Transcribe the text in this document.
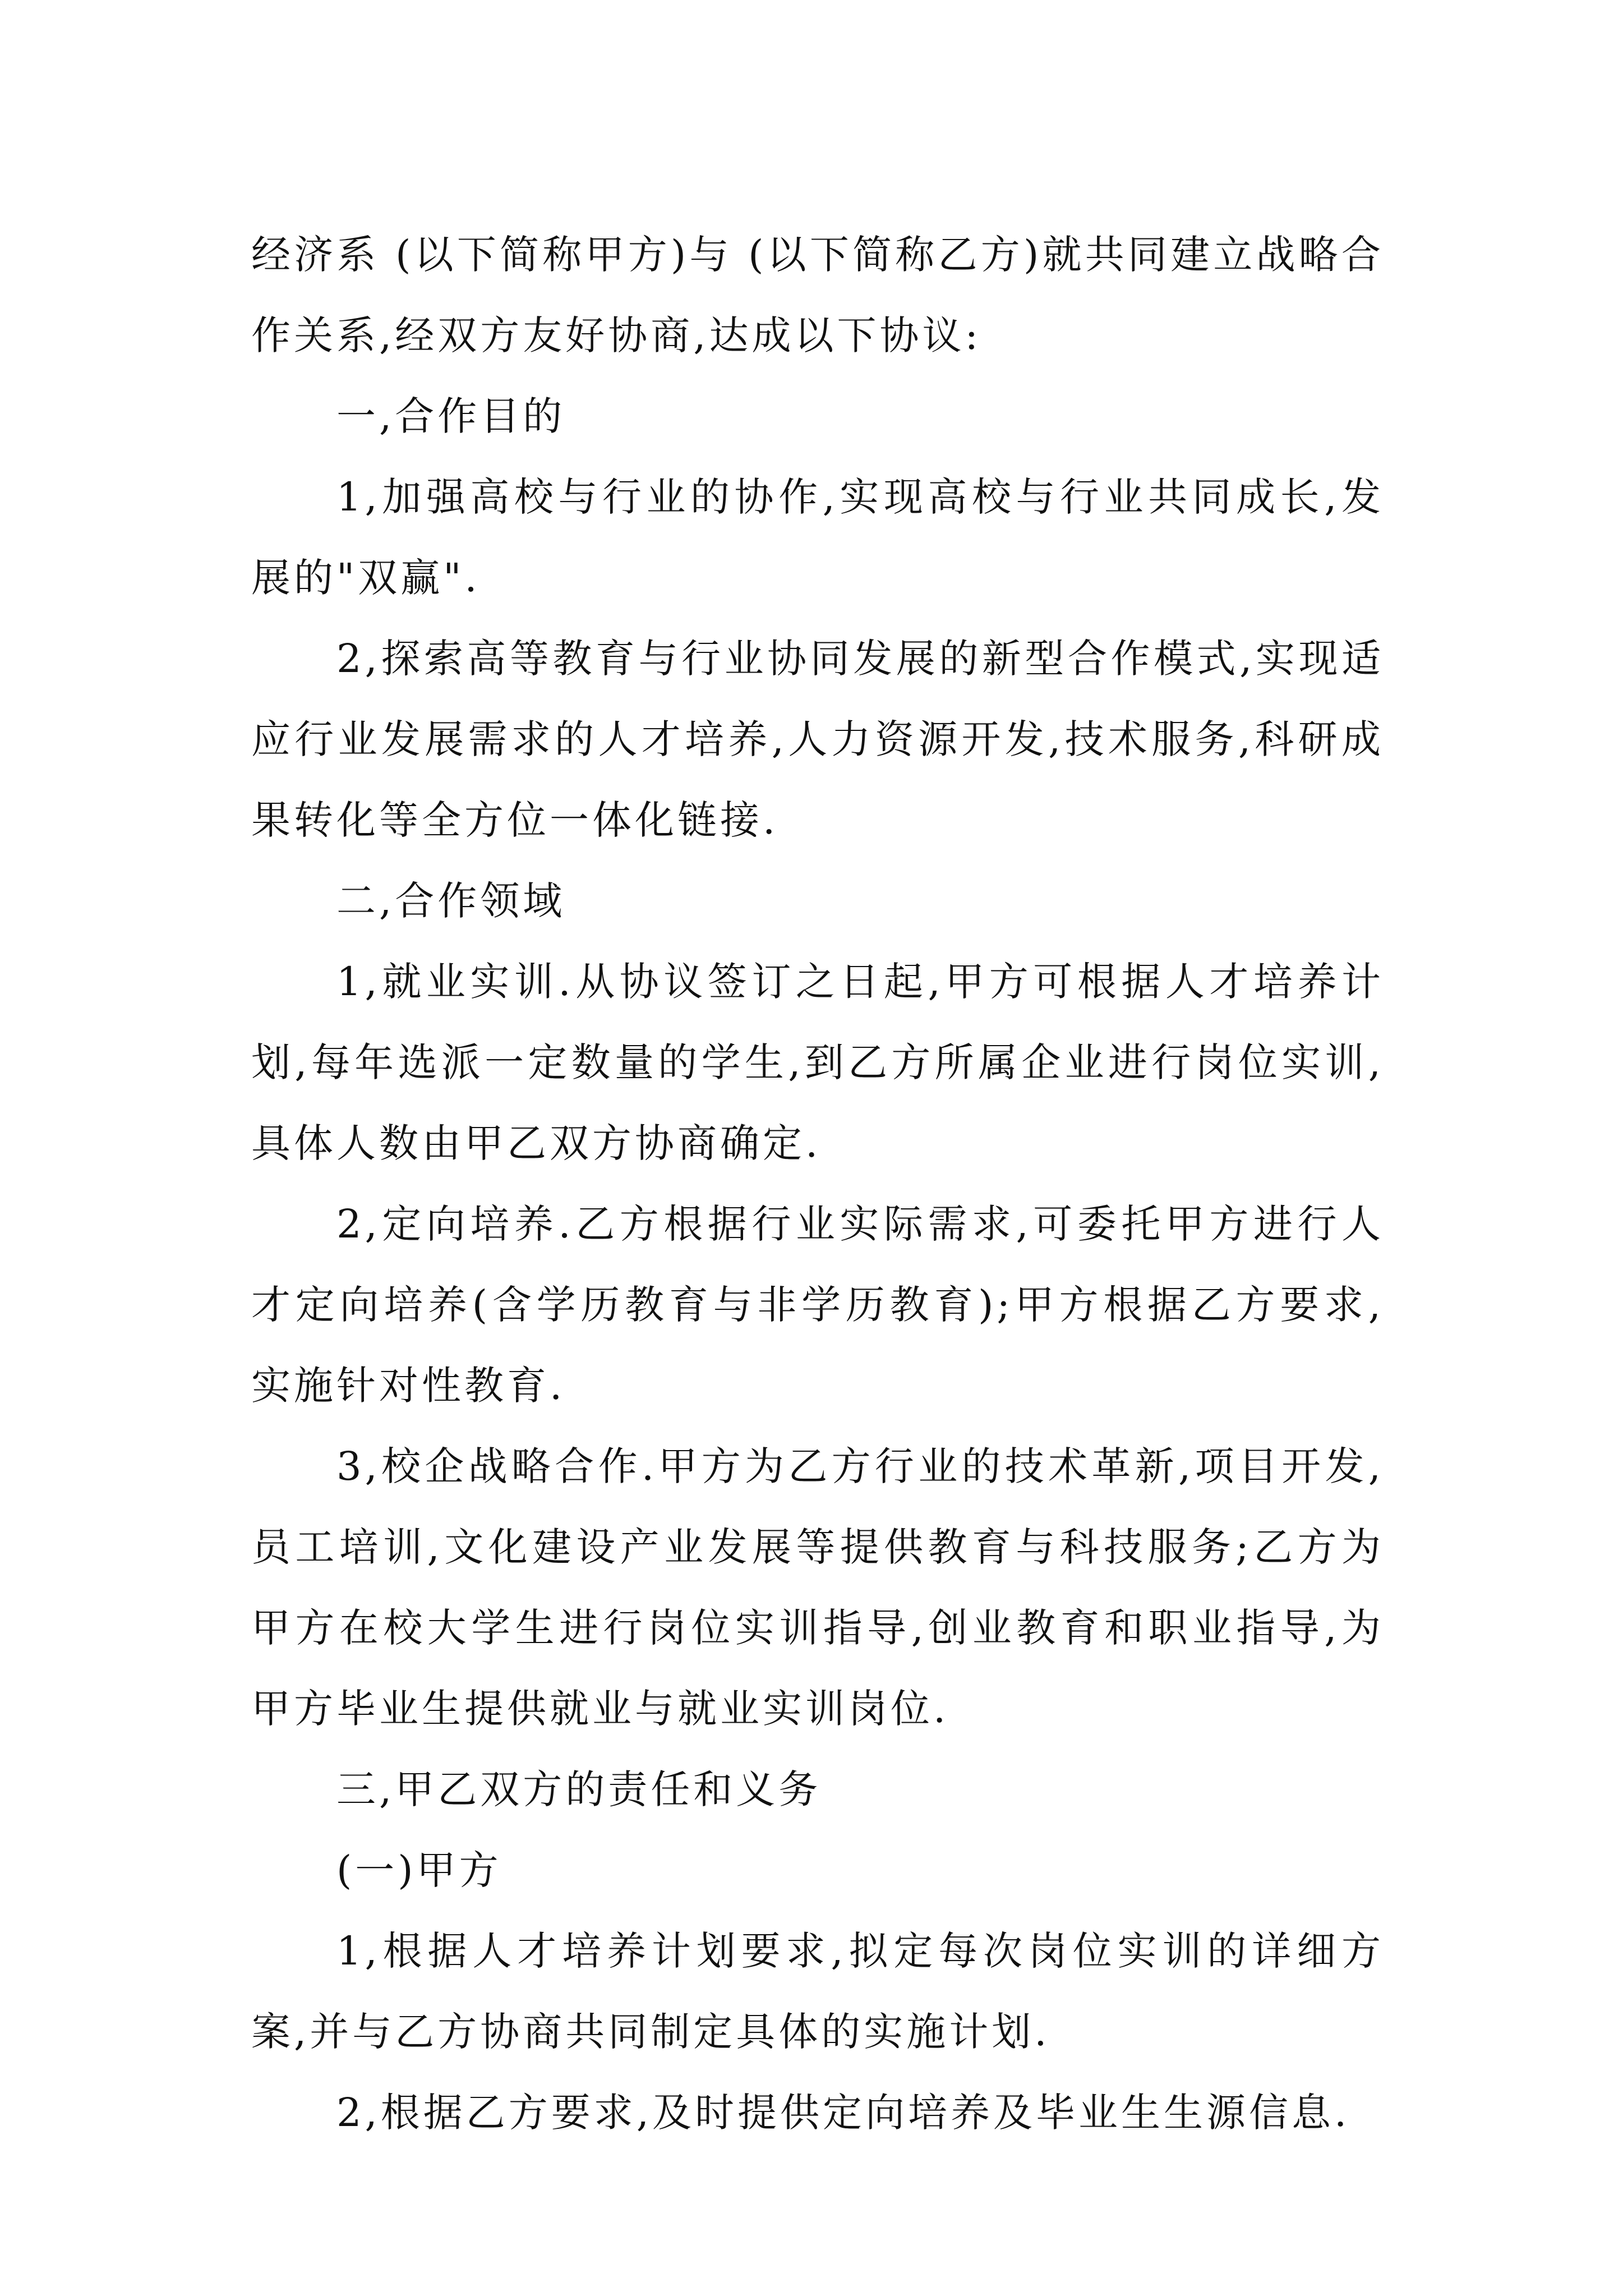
经济系 (以下简称甲方)与 (以下简称乙方)就共同建立战略合作关系,经双方友好协商,达成以下协议:

一,合作目的

1,加强高校与行业的协作,实现高校与行业共同成长,发展的"双赢".

2,探索高等教育与行业协同发展的新型合作模式,实现适应行业发展需求的人才培养,人力资源开发,技术服务,科研成果转化等全方位一体化链接.

二,合作领域

1,就业实训.从协议签订之日起,甲方可根据人才培养计划,每年选派一定数量的学生,到乙方所属企业进行岗位实训,具体人数由甲乙双方协商确定.

2,定向培养.乙方根据行业实际需求,可委托甲方进行人才定向培养(含学历教育与非学历教育);甲方根据乙方要求,实施针对性教育.

3,校企战略合作.甲方为乙方行业的技术革新,项目开发,员工培训,文化建设产业发展等提供教育与科技服务;乙方为甲方在校大学生进行岗位实训指导,创业教育和职业指导,为甲方毕业生提供就业与就业实训岗位.

三,甲乙双方的责任和义务

(一)甲方

1,根据人才培养计划要求,拟定每次岗位实训的详细方案,并与乙方协商共同制定具体的实施计划.

2,根据乙方要求,及时提供定向培养及毕业生生源信息.
